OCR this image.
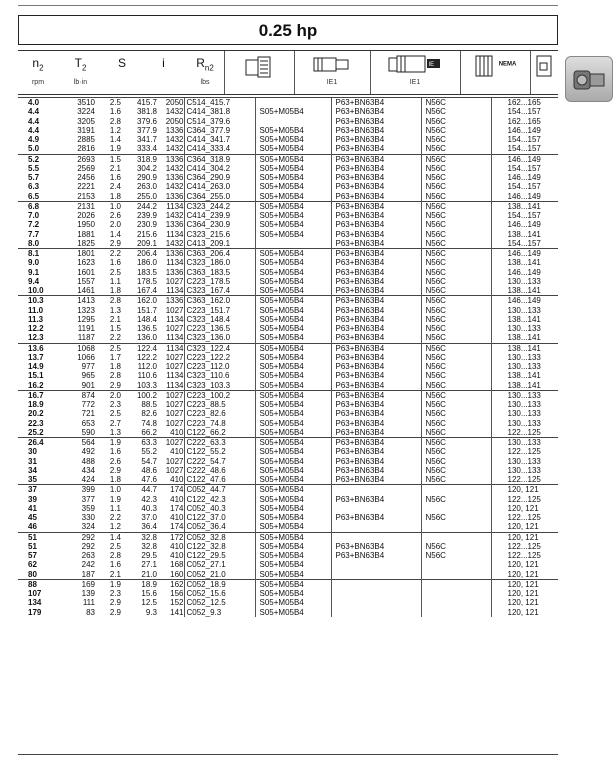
0.25 hp
$n_2$
rpm
$T_2$
lb·in
S	i	$R_{n2}$
lbs	IE1
IE
IE1
NEMA
4.0	3510	2.5	415.7	2050	C514_415.7		P63+BN63B4	N56C	162...165
4.4	3224	1.6	381.8	1432	C414_381.8	S05+M05B4	P63+BN63B4	N56C	154...157
4.4	3205	2.8	379.6	2050	C514_379.6		P63+BN63B4	N56C	162...165
4.4	3191	1.2	377.9	1336	C364_377.9	S05+M05B4	P63+BN63B4	N56C	146...149
4.9	2885	1.4	341.7	1432	C414_341.7	S05+M05B4	P63+BN63B4	N56C	154...157
5.0	2816	1.9	333.4	1432	C414_333.4	S05+M05B4	P63+BN63B4	N56C	154...157
5.2	2693	1.5	318.9	1336	C364_318.9	S05+M05B4	P63+BN63B4	N56C	146...149
5.5	2569	2.1	304.2	1432	C414_304.2	S05+M05B4	P63+BN63B4	N56C	154...157
5.7	2456	1.6	290.9	1336	C364_290.9	S05+M05B4	P63+BN63B4	N56C	146...149
6.3	2221	2.4	263.0	1432	C414_263.0	S05+M05B4	P63+BN63B4	N56C	154...157
6.5	2153	1.8	255.0	1336	C364_255.0	S05+M05B4	P63+BN63B4	N56C	146...149
6.8	2131	1.0	244.2	1134	C323_244.2	S05+M05B4	P63+BN63B4	N56C	138...141
7.0	2026	2.6	239.9	1432	C414_239.9	S05+M05B4	P63+BN63B4	N56C	154...157
7.2	1950	2.0	230.9	1336	C364_230.9	S05+M05B4	P63+BN63B4	N56C	146...149
7.7	1881	1.4	215.6	1134	C323_215.6	S05+M05B4	P63+BN63B4	N56C	138...141
8.0	1825	2.9	209.1	1432	C413_209.1		P63+BN63B4	N56C	154...157
8.1	1801	2.2	206.4	1336	C363_206.4	S05+M05B4	P63+BN63B4	N56C	146...149
9.0	1623	1.6	186.0	1134	C323_186.0	S05+M05B4	P63+BN63B4	N56C	138...141
9.1	1601	2.5	183.5	1336	C363_183.5	S05+M05B4	P63+BN63B4	N56C	146...149
9.4	1557	1.1	178.5	1027	C223_178.5	S05+M05B4	P63+BN63B4	N56C	130...133
10.0	1461	1.8	167.4	1134	C323_167.4	S05+M05B4	P63+BN63B4	N56C	138...141
10.3	1413	2.8	162.0	1336	C363_162.0	S05+M05B4	P63+BN63B4	N56C	146...149
11.0	1323	1.3	151.7	1027	C223_151.7	S05+M05B4	P63+BN63B4	N56C	130...133
11.3	1295	2.1	148.4	1134	C323_148.4	S05+M05B4	P63+BN63B4	N56C	138...141
12.2	1191	1.5	136.5	1027	C223_136.5	S05+M05B4	P63+BN63B4	N56C	130...133
12.3	1187	2.2	136.0	1134	C323_136.0	S05+M05B4	P63+BN63B4	N56C	138...141
13.6	1068	2.5	122.4	1134	C323_122.4	S05+M05B4	P63+BN63B4	N56C	138...141
13.7	1066	1.7	122.2	1027	C223_122.2	S05+M05B4	P63+BN63B4	N56C	130...133
14.9	977	1.8	112.0	1027	C223_112.0	S05+M05B4	P63+BN63B4	N56C	130...133
15.1	965	2.8	110.6	1134	C323_110.6	S05+M05B4	P63+BN63B4	N56C	138...141
16.2	901	2.9	103.3	1134	C323_103.3	S05+M05B4	P63+BN63B4	N56C	138...141
16.7	874	2.0	100.2	1027	C223_100.2	S05+M05B4	P63+BN63B4	N56C	130...133
18.9	772	2.3	88.5	1027	C223_88.5	S05+M05B4	P63+BN63B4	N56C	130...133
20.2	721	2.5	82.6	1027	C223_82.6	S05+M05B4	P63+BN63B4	N56C	130...133
22.3	653	2.7	74.8	1027	C223_74.8	S05+M05B4	P63+BN63B4	N56C	130...133
25.2	590	1.3	66.2	410	C122_66.2	S05+M05B4	P63+BN63B4	N56C	122...125
26.4	564	1.9	63.3	1027	C222_63.3	S05+M05B4	P63+BN63B4	N56C	130...133
30	492	1.6	55.2	410	C122_55.2	S05+M05B4	P63+BN63B4	N56C	122...125
31	488	2.6	54.7	1027	C222_54.7	S05+M05B4	P63+BN63B4	N56C	130...133
34	434	2.9	48.6	1027	C222_48.6	S05+M05B4	P63+BN63B4	N56C	130...133
35	424	1.8	47.6	410	C122_47.6	S05+M05B4	P63+BN63B4	N56C	122...125
37	399	1.0	44.7	174	C052_44.7	S05+M05B4			120, 121
39	377	1.9	42.3	410	C122_42.3	S05+M05B4	P63+BN63B4	N56C	122...125
41	359	1.1	40.3	174	C052_40.3	S05+M05B4			120, 121
45	330	2.2	37.0	410	C122_37.0	S05+M05B4	P63+BN63B4	N56C	122...125
46	324	1.2	36.4	174	C052_36.4	S05+M05B4			120, 121
51	292	1.4	32.8	172	C052_32.8	S05+M05B4			120, 121
51	292	2.5	32.8	410	C122_32.8	S05+M05B4	P63+BN63B4	N56C	122...125
57	263	2.8	29.5	410	C122_29.5	S05+M05B4	P63+BN63B4	N56C	122...125
62	242	1.6	27.1	168	C052_27.1	S05+M05B4			120, 121
80	187	2.1	21.0	160	C052_21.0	S05+M05B4			120, 121
88	169	1.9	18.9	162	C052_18.9	S05+M05B4			120, 121
107	139	2.3	15.6	156	C052_15.6	S05+M05B4			120, 121
134	111	2.9	12.5	152	C052_12.5	S05+M05B4			120, 121
179	83	2.9	9.3	141	C052_9.3	S05+M05B4			120, 121
